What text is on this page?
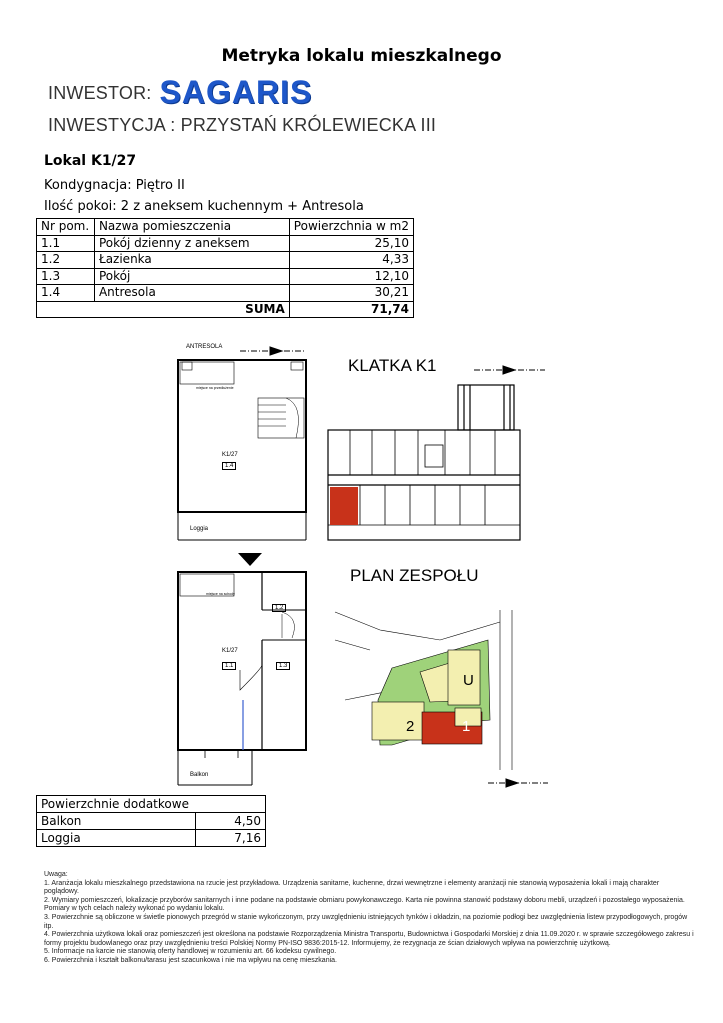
Metryka lokalu mieszkalnego
INWESTOR: SAGARIS
INWESTYCJA : PRZYSTAŃ KRÓLEWIECKA III
Lokal K1/27
Kondygnacja: Piętro II
Ilość pokoi: 2 z aneksem kuchennym + Antresola
Nr pom.	Nazwa pomieszczenia	Powierzchnia w m2
1.1	Pokój dzienny z aneksem	25,10
1.2	Łazienka	4,33
1.3	Pokój	12,10
1.4	Antresola	30,21
SUMA		71,74
ANTRESOLA
miejsce na przedłużenie
K1/27
1.4
Loggia
miejsce na schody
1.2
K1/27
1.1	1.3
Balkon
KLATKA K1
PLAN ZESPOŁU
U
2	1
Powierzchnie dodatkowe	
Balkon	4,50
Loggia	7,16

Uwaga:

1. Aranżacja lokalu mieszkalnego przedstawiona na rzucie jest przykładowa. Urządzenia sanitarne, kuchenne, drzwi wewnętrzne i elementy aranżacji nie stanowią wyposażenia lokali i mają charakter poglądowy.

2. Wymiary pomieszczeń, lokalizacje przyborów sanitarnych i inne podane na podstawie obmiaru powykonawczego. Karta nie powinna stanowić podstawy doboru mebli, urządzeń i pozostałego wyposażenia. Pomiary w tych celach należy wykonać po wydaniu lokalu.

3. Powierzchnie są obliczone w świetle pionowych przegród w stanie wykończonym, przy uwzględnieniu istniejących tynków i okładzin, na poziomie podłogi bez uwzględnienia listew przypodłogowych, progów itp.

4. Powierzchnia użytkowa lokali oraz pomieszczeń jest określona na podstawie Rozporządzenia Ministra Transportu, Budownictwa i Gospodarki Morskiej z dnia 11.09.2020 r. w sprawie szczegółowego zakresu i formy projektu budowlanego oraz przy uwzględnieniu treści Polskiej Normy PN-ISO 9836:2015-12. Informujemy, że rezygnacja ze ścian działowych wpływa na powierzchnię użytkową.

5. Informacje na karcie nie stanowią oferty handlowej w rozumieniu art. 66 kodeksu cywilnego.

6. Powierzchnia i kształt balkonu/tarasu jest szacunkowa i nie ma wpływu na cenę mieszkania.
